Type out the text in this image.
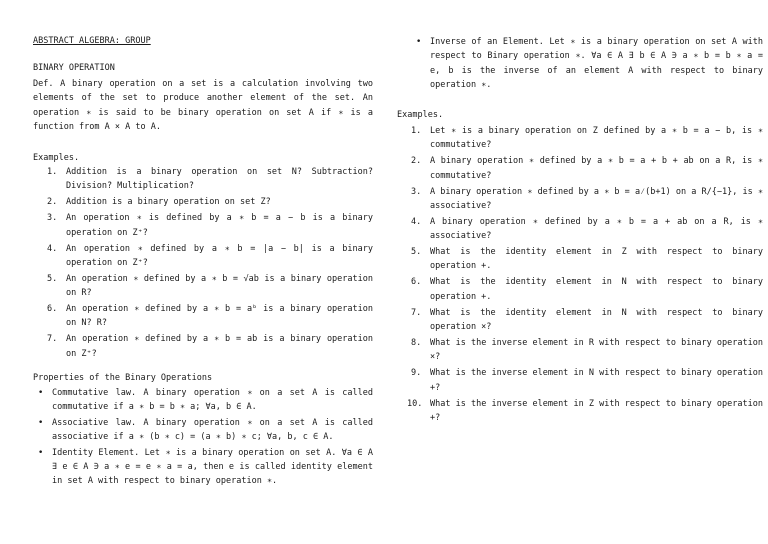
ABSTRACT ALGEBRA: GROUP
BINARY OPERATION
Def. A binary operation on a set is a calculation involving two elements of the set to produce another element of the set. An operation ∗ is said to be binary operation on set A if ∗ is a function from A × A to A.
Examples.
1. Addition is a binary operation on set N? Subtraction? Division? Multiplication?
2. Addition is a binary operation on set Z?
3. An operation ∗ is defined by a ∗ b = a − b is a binary operation on Z⁺?
4. An operation ∗ defined by a ∗ b = |a − b| is a binary operation on Z⁺?
5. An operation ∗ defined by a ∗ b = √ab is a binary operation on R?
6. An operation ∗ defined by a ∗ b = aᵇ is a binary operation on N? R?
7. An operation ∗ defined by a ∗ b = ab is a binary operation on Z⁺?
Properties of the Binary Operations
• Commutative law. A binary operation ∗ on a set A is called commutative if a ∗ b = b ∗ a; ∀a, b ∈ A.
• Associative law. A binary operation ∗ on a set A is called associative if a ∗ (b ∗ c) = (a ∗ b) ∗ c; ∀a, b, c ∈ A.
• Identity Element. Let ∗ is a binary operation on set A. ∀a ∈ A ∃ e ∈ A ∋ a ∗ e = e ∗ a = a, then e is called identity element in set A with respect to binary operation ∗.
• Inverse of an Element. Let ∗ is a binary operation on set A with respect to Binary operation ∗. ∀a ∈ A ∃ b ∈ A ∋ a ∗ b = b ∗ a = e, b is the inverse of an element A with respect to binary operation ∗.
Examples.
1. Let ∗ is a binary operation on Z defined by a ∗ b = a − b, is ∗ commutative?
2. A binary operation ∗ defined by a ∗ b = a + b + ab on a R, is ∗ commutative?
3. A binary operation ∗ defined by a ∗ b = a⁄(b+1) on a R/{−1}, is ∗ associative?
4. A binary operation ∗ defined by a ∗ b = a + ab on a R, is ∗ associative?
5. What is the identity element in Z with respect to binary operation +.
6. What is the identity element in N with respect to binary operation +.
7. What is the identity element in N with respect to binary operation ×?
8. What is the inverse element in R with respect to binary operation ×?
9. What is the inverse element in N with respect to binary operation +?
10. What is the inverse element in Z with respect to binary operation +?
